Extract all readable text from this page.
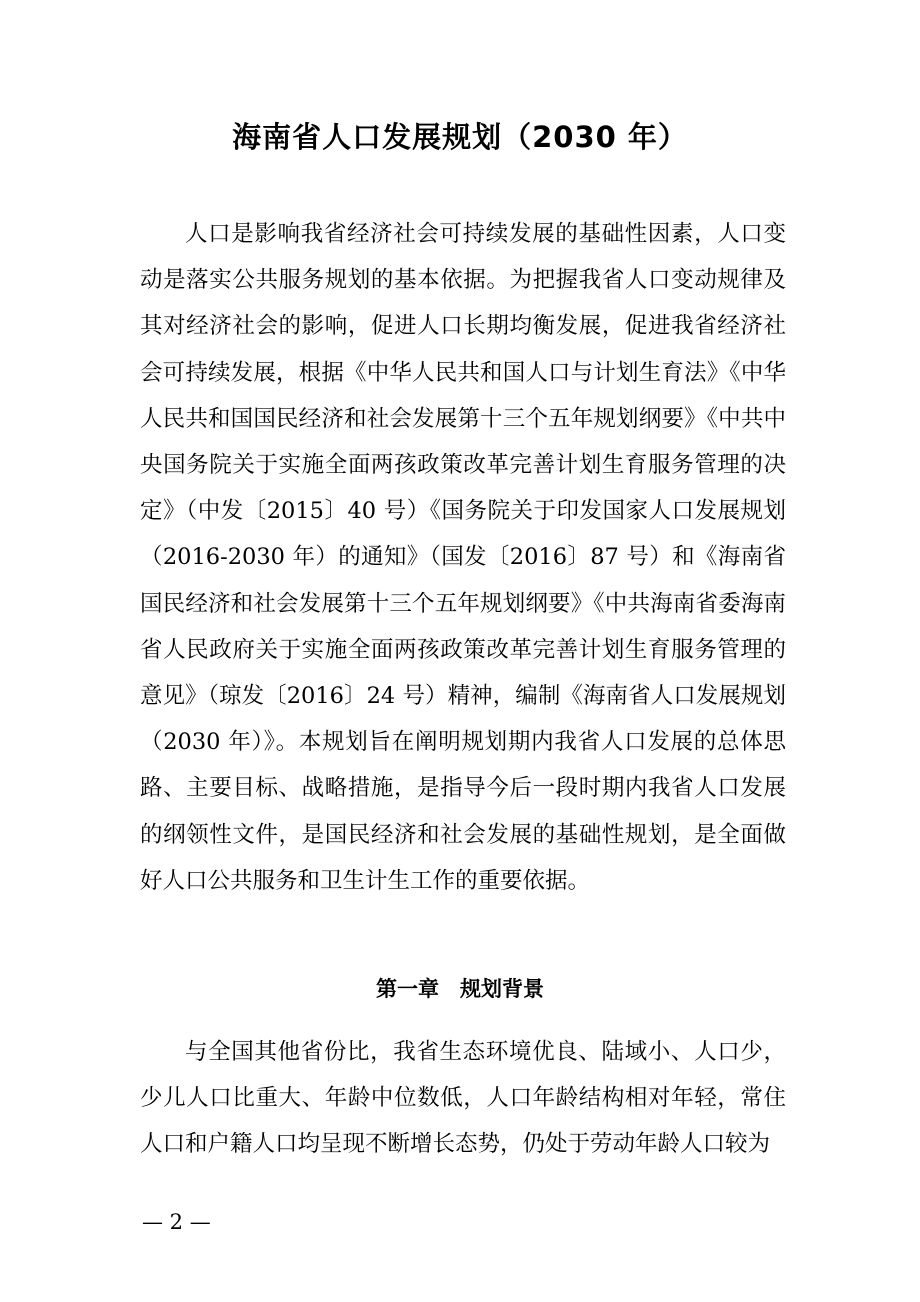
海南省人口发展规划（2030 年）

人口是影响我省经济社会可持续发展的基础性因素，人口变动是落实公共服务规划的基本依据。为把握我省人口变动规律及其对经济社会的影响，促进人口长期均衡发展，促进我省经济社会可持续发展，根据《中华人民共和国人口与计划生育法》《中华人民共和国国民经济和社会发展第十三个五年规划纲要》《中共中央国务院关于实施全面两孩政策改革完善计划生育服务管理的决定》（中发〔2015〕40 号）《国务院关于印发国家人口发展规划（2016-2030 年）的通知》（国发〔2016〕87 号）和《海南省国民经济和社会发展第十三个五年规划纲要》《中共海南省委海南省人民政府关于实施全面两孩政策改革完善计划生育服务管理的意见》（琼发〔2016〕24 号）精神，编制《海南省人口发展规划（2030 年）》。本规划旨在阐明规划期内我省人口发展的总体思路、主要目标、战略措施，是指导今后一段时期内我省人口发展的纲领性文件，是国民经济和社会发展的基础性规划，是全面做好人口公共服务和卫生计生工作的重要依据。

第一章　规划背景

与全国其他省份比，我省生态环境优良、陆域小、人口少，少儿人口比重大、年龄中位数低，人口年龄结构相对年轻，常住人口和户籍人口均呈现不断增长态势，仍处于劳动年龄人口较为

— 2 —
